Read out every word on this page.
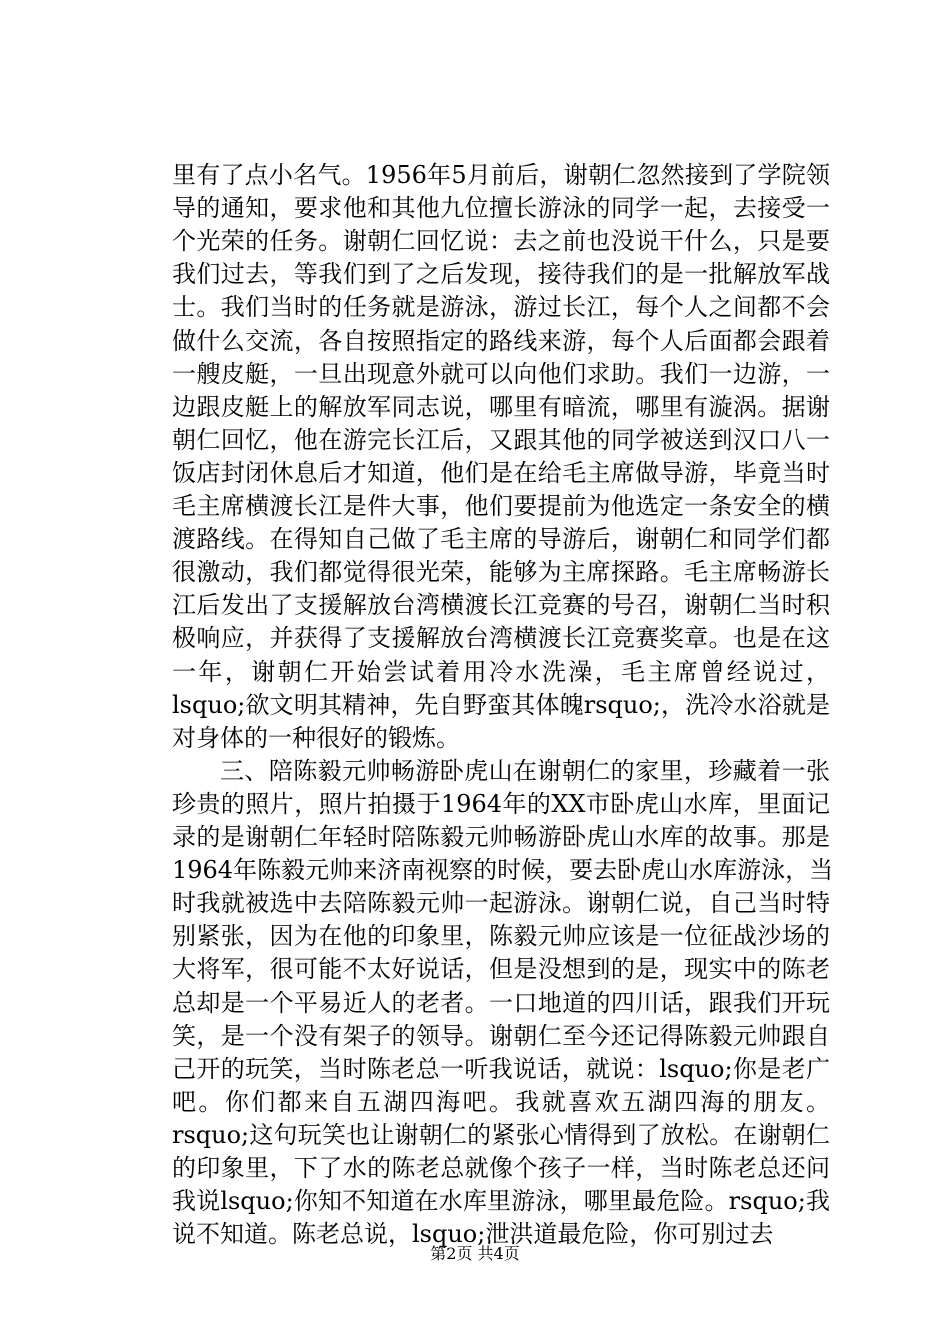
里有了点小名气。1956年5月前后，谢朝仁忽然接到了学院领
导的通知，要求他和其他九位擅长游泳的同学一起，去接受一
个光荣的任务。谢朝仁回忆说：去之前也没说干什么，只是要
我们过去，等我们到了之后发现，接待我们的是一批解放军战
士。我们当时的任务就是游泳，游过长江，每个人之间都不会
做什么交流，各自按照指定的路线来游，每个人后面都会跟着
一艘皮艇，一旦出现意外就可以向他们求助。我们一边游，一
边跟皮艇上的解放军同志说，哪里有暗流，哪里有漩涡。据谢
朝仁回忆，他在游完长江后，又跟其他的同学被送到汉口八一
饭店封闭休息后才知道，他们是在给毛主席做导游，毕竟当时
毛主席横渡长江是件大事，他们要提前为他选定一条安全的横
渡路线。在得知自己做了毛主席的导游后，谢朝仁和同学们都
很激动，我们都觉得很光荣，能够为主席探路。毛主席畅游长
江后发出了支援解放台湾横渡长江竞赛的号召，谢朝仁当时积
极响应，并获得了支援解放台湾横渡长江竞赛奖章。也是在这
一年，谢朝仁开始尝试着用冷水洗澡，毛主席曾经说过，
lsquo;欲文明其精神，先自野蛮其体魄rsquo;，洗冷水浴就是
对身体的一种很好的锻炼。
三、陪陈毅元帅畅游卧虎山在谢朝仁的家里，珍藏着一张
珍贵的照片，照片拍摄于1964年的XX市卧虎山水库，里面记
录的是谢朝仁年轻时陪陈毅元帅畅游卧虎山水库的故事。那是
1964年陈毅元帅来济南视察的时候，要去卧虎山水库游泳，当
时我就被选中去陪陈毅元帅一起游泳。谢朝仁说，自己当时特
别紧张，因为在他的印象里，陈毅元帅应该是一位征战沙场的
大将军，很可能不太好说话，但是没想到的是，现实中的陈老
总却是一个平易近人的老者。一口地道的四川话，跟我们开玩
笑，是一个没有架子的领导。谢朝仁至今还记得陈毅元帅跟自
己开的玩笑，当时陈老总一听我说话，就说：lsquo;你是老广
吧。你们都来自五湖四海吧。我就喜欢五湖四海的朋友。
rsquo;这句玩笑也让谢朝仁的紧张心情得到了放松。在谢朝仁
的印象里，下了水的陈老总就像个孩子一样，当时陈老总还问
我说lsquo;你知不知道在水库里游泳，哪里最危险。rsquo;我
说不知道。陈老总说，lsquo;泄洪道最危险，你可别过去
第2页 共4页
